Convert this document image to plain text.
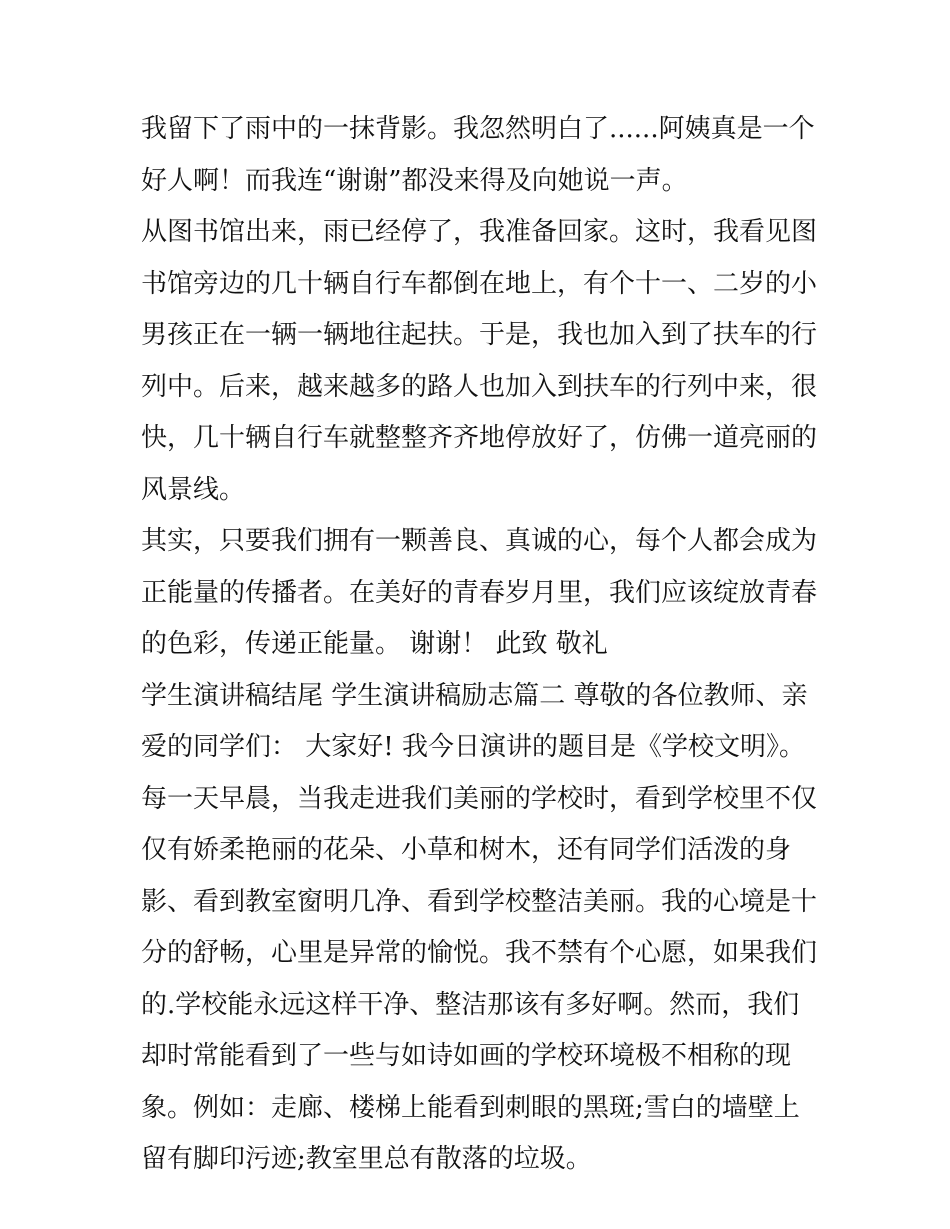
我留下了雨中的一抹背影。我忽然明白了......阿姨真是一个好人啊！而我连“谢谢”都没来得及向她说一声。

从图书馆出来，雨已经停了，我准备回家。这时，我看见图书馆旁边的几十辆自行车都倒在地上，有个十一、二岁的小男孩正在一辆一辆地往起扶。于是，我也加入到了扶车的行列中。后来，越来越多的路人也加入到扶车的行列中来，很快，几十辆自行车就整整齐齐地停放好了，仿佛一道亮丽的风景线。

其实，只要我们拥有一颗善良、真诚的心，每个人都会成为正能量的传播者。在美好的青春岁月里，我们应该绽放青春的色彩，传递正能量。 谢谢！ 此致 敬礼

学生演讲稿结尾 学生演讲稿励志篇二 尊敬的各位教师、亲爱的同学们： 大家好! 我今日演讲的题目是《学校文明》。

每一天早晨，当我走进我们美丽的学校时，看到学校里不仅仅有娇柔艳丽的花朵、小草和树木，还有同学们活泼的身影、看到教室窗明几净、看到学校整洁美丽。我的心境是十分的舒畅，心里是异常的愉悦。我不禁有个心愿，如果我们的.学校能永远这样干净、整洁那该有多好啊。然而，我们却时常能看到了一些与如诗如画的学校环境极不相称的现象。例如：走廊、楼梯上能看到刺眼的黑斑;雪白的墙壁上留有脚印污迹;教室里总有散落的垃圾。
